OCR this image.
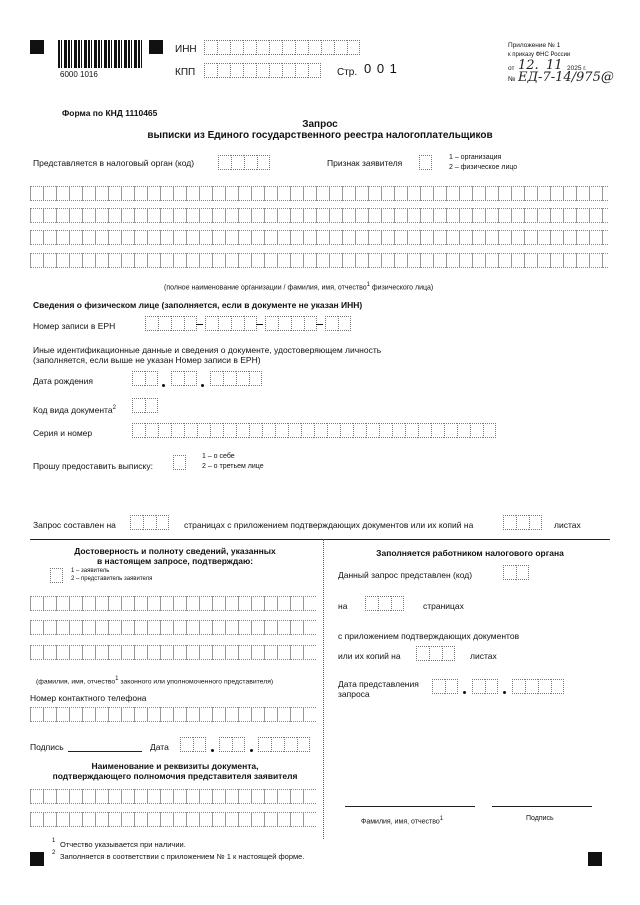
6000 1016
ИНН
КПП	Стр. 0 0 1
Приложение № 1
к приказу ФНС России
от 12. 11 2025 г.
№ ЕД-7-14/975@
Форма по КНД 1110465
Запрос
выписки из Единого государственного реестра налогоплательщиков
Представляется в налоговый орган (код)	Признак заявителя
1 – организация
2 – физическое лицо
(полное наименование организации / фамилия, имя, отчество$^1$ физического лица)
Сведения о физическом лице (заполняется, если в документе не указан ИНН)
Номер записи в ЕРН
Иные идентификационные данные и сведения о документе, удостоверяющем личность
(заполняется, если выше не указан Номер записи в ЕРН)
Дата рождения
Код вида документа$^2$
Серия и номер
Прошу предоставить выписку:
1 – о себе
2 – о третьем лице
Запрос составлен на	страницах с приложением подтверждающих документов или их копий на	листах
Достоверность и полноту сведений, указанных
в настоящем запросе, подтверждаю:
1 – заявитель
2 – представитель заявителя
(фамилия, имя, отчество$^1$ законного или уполномоченного представителя)
Номер контактного телефона
Подпись	Дата
Наименование и реквизиты документа,
подтверждающего полномочия представителя заявителя
Заполняется работником налогового органа
Данный запрос представлен (код)
на	страницах
с приложением подтверждающих документов
или их копий на	листах
Дата представления
запроса
Фамилия, имя, отчество$^1$	Подпись
1 Отчество указывается при наличии.
2 Заполняется в соответствии с приложением № 1 к настоящей форме.
